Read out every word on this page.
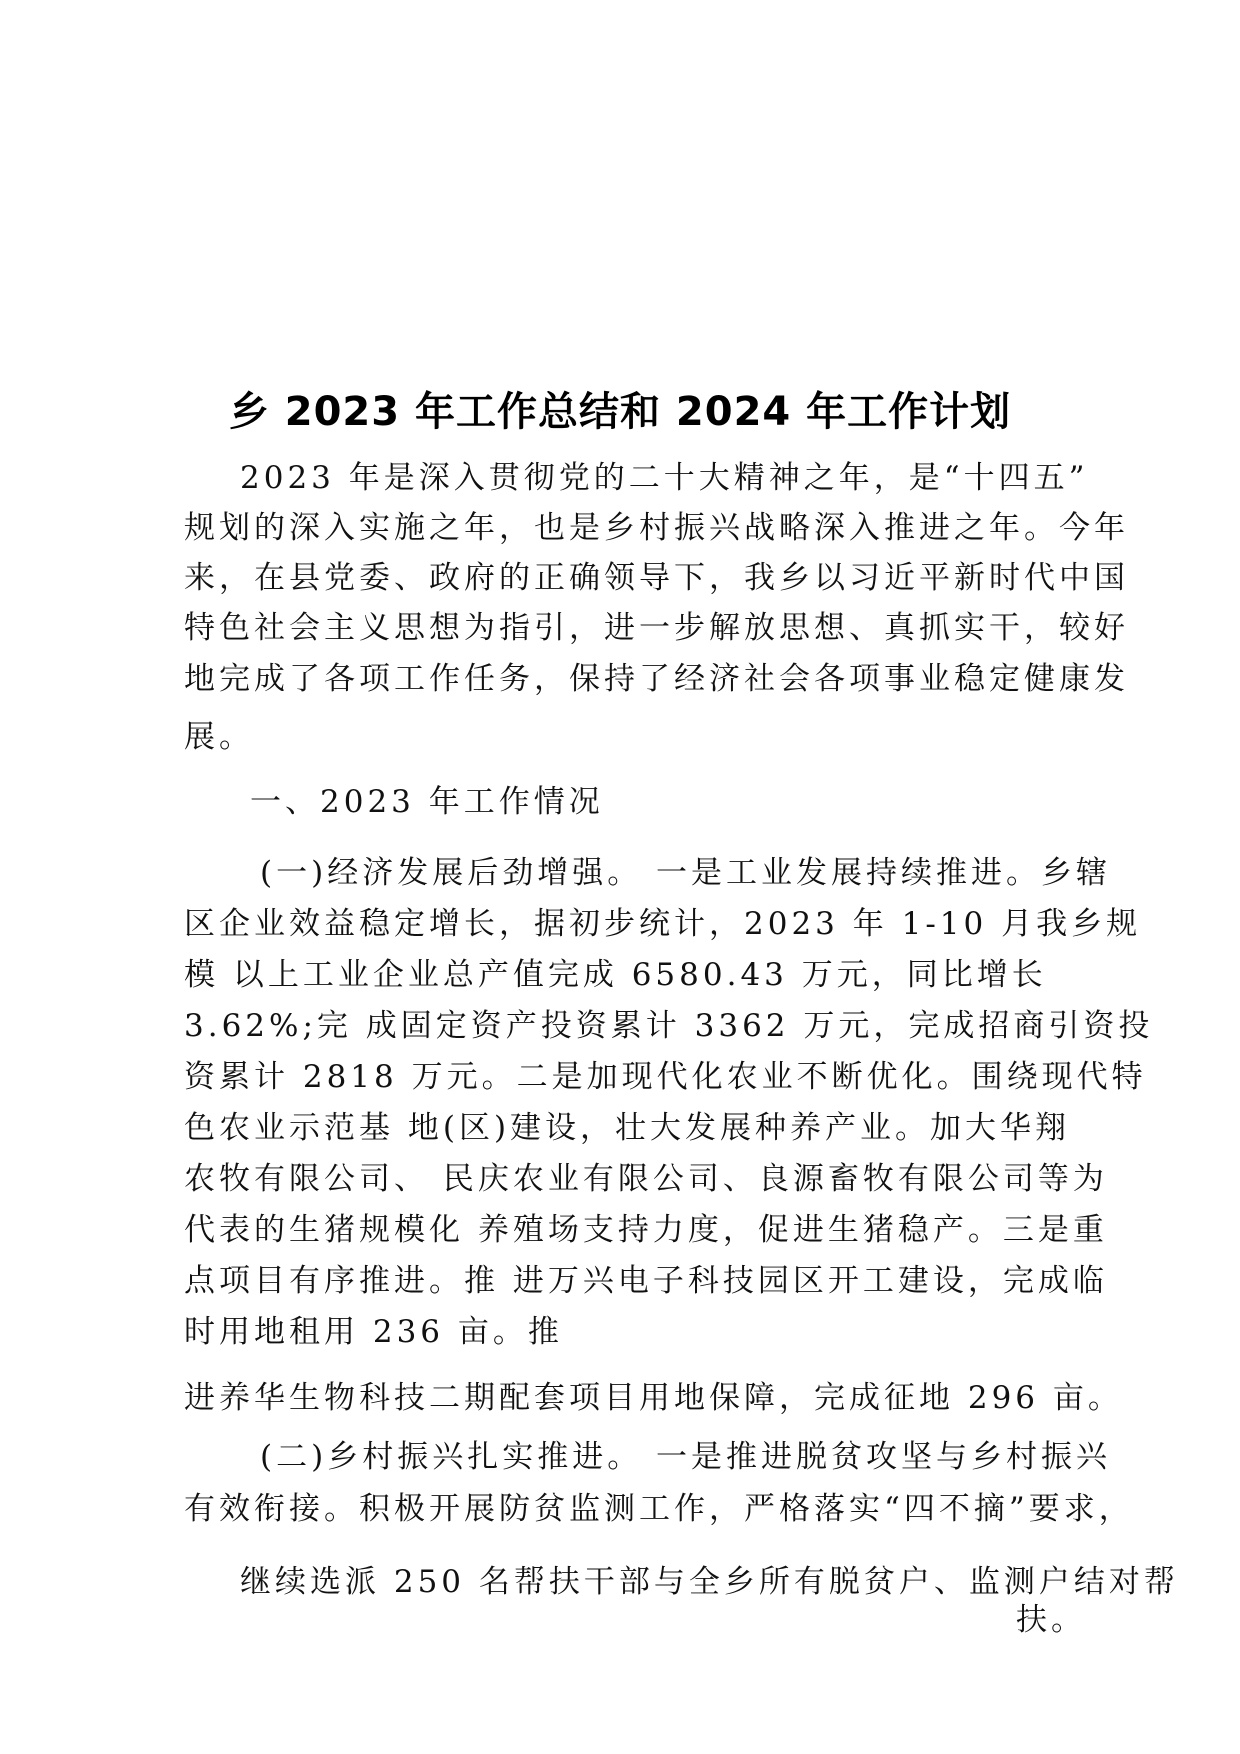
乡 2023 年工作总结和 2024 年工作计划
2023 年是深入贯彻党的二十大精神之年，是“十四五”
规划的深入实施之年，也是乡村振兴战略深入推进之年。今年
来，在县党委、政府的正确领导下，我乡以习近平新时代中国
特色社会主义思想为指引，进一步解放思想、真抓实干，较好
地完成了各项工作任务，保持了经济社会各项事业稳定健康发
展。
一、2023 年工作情况
(一)经济发展后劲增强。 一是工业发展持续推进。乡辖
区企业效益稳定增长，据初步统计，2023 年 1-10 月我乡规
模 以上工业企业总产值完成 6580.43 万元，同比增长
3.62%;完 成固定资产投资累计 3362 万元，完成招商引资投
资累计 2818 万元。二是加现代化农业不断优化。围绕现代特
色农业示范基 地(区)建设，壮大发展种养产业。加大华翔
农牧有限公司、 民庆农业有限公司、良源畜牧有限公司等为
代表的生猪规模化 养殖场支持力度，促进生猪稳产。三是重
点项目有序推进。推 进万兴电子科技园区开工建设，完成临
时用地租用 236 亩。推
进养华生物科技二期配套项目用地保障，完成征地 296 亩。
(二)乡村振兴扎实推进。 一是推进脱贫攻坚与乡村振兴
有效衔接。积极开展防贫监测工作，严格落实“四不摘”要求，
继续选派 250 名帮扶干部与全乡所有脱贫户、监测户结对帮
扶。
